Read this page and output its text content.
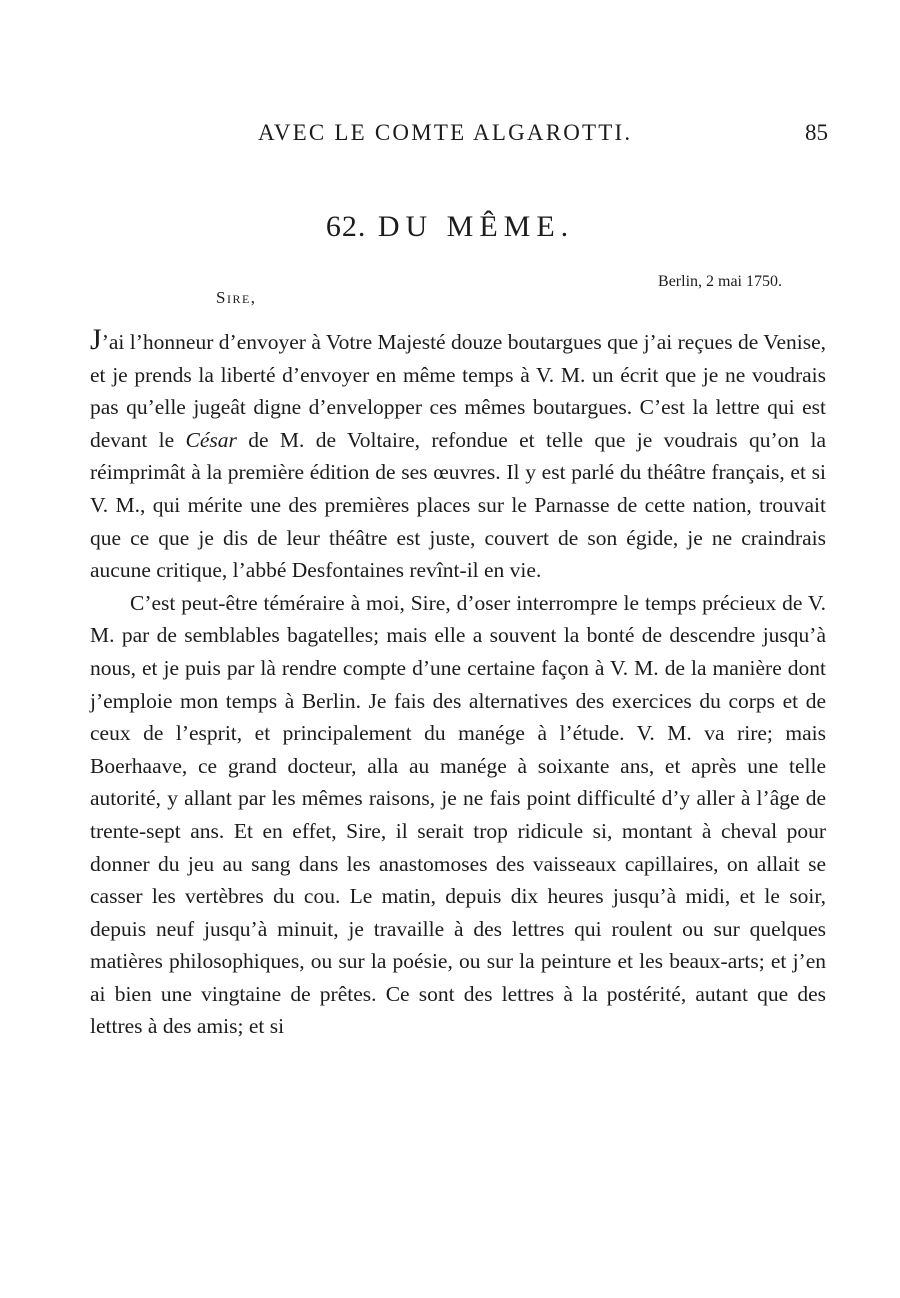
AVEC LE COMTE ALGAROTTI.	85
62. DU MÊME.
Berlin, 2 mai 1750.
Sire,

J’ai l’honneur d’envoyer à Votre Majesté douze boutargues que j’ai reçues de Venise, et je prends la liberté d’envoyer en même temps à V. M. un écrit que je ne voudrais pas qu’elle jugeât digne d’envelopper ces mêmes boutargues. C’est la lettre qui est devant le César de M. de Voltaire, refondue et telle que je voudrais qu’on la réimprimât à la première édition de ses œuvres. Il y est parlé du théâtre français, et si V. M., qui mérite une des premières places sur le Parnasse de cette nation, trouvait que ce que je dis de leur théâtre est juste, couvert de son égide, je ne craindrais aucune critique, l’abbé Desfontaines revînt-il en vie.

C’est peut-être téméraire à moi, Sire, d’oser interrompre le temps précieux de V. M. par de semblables bagatelles; mais elle a souvent la bonté de descendre jusqu’à nous, et je puis par là rendre compte d’une certaine façon à V. M. de la manière dont j’emploie mon temps à Berlin. Je fais des alternatives des exercices du corps et de ceux de l’esprit, et principalement du manége à l’étude. V. M. va rire; mais Boerhaave, ce grand docteur, alla au manége à soixante ans, et après une telle autorité, y allant par les mêmes raisons, je ne fais point difficulté d’y aller à l’âge de trente-sept ans. Et en effet, Sire, il serait trop ridicule si, montant à cheval pour donner du jeu au sang dans les anastomoses des vaisseaux capillaires, on allait se casser les vertèbres du cou. Le matin, depuis dix heures jusqu’à midi, et le soir, depuis neuf jusqu’à minuit, je travaille à des lettres qui roulent ou sur quelques matières philosophiques, ou sur la poésie, ou sur la peinture et les beaux-arts; et j’en ai bien une vingtaine de prêtes. Ce sont des lettres à la postérité, autant que des lettres à des amis; et si
